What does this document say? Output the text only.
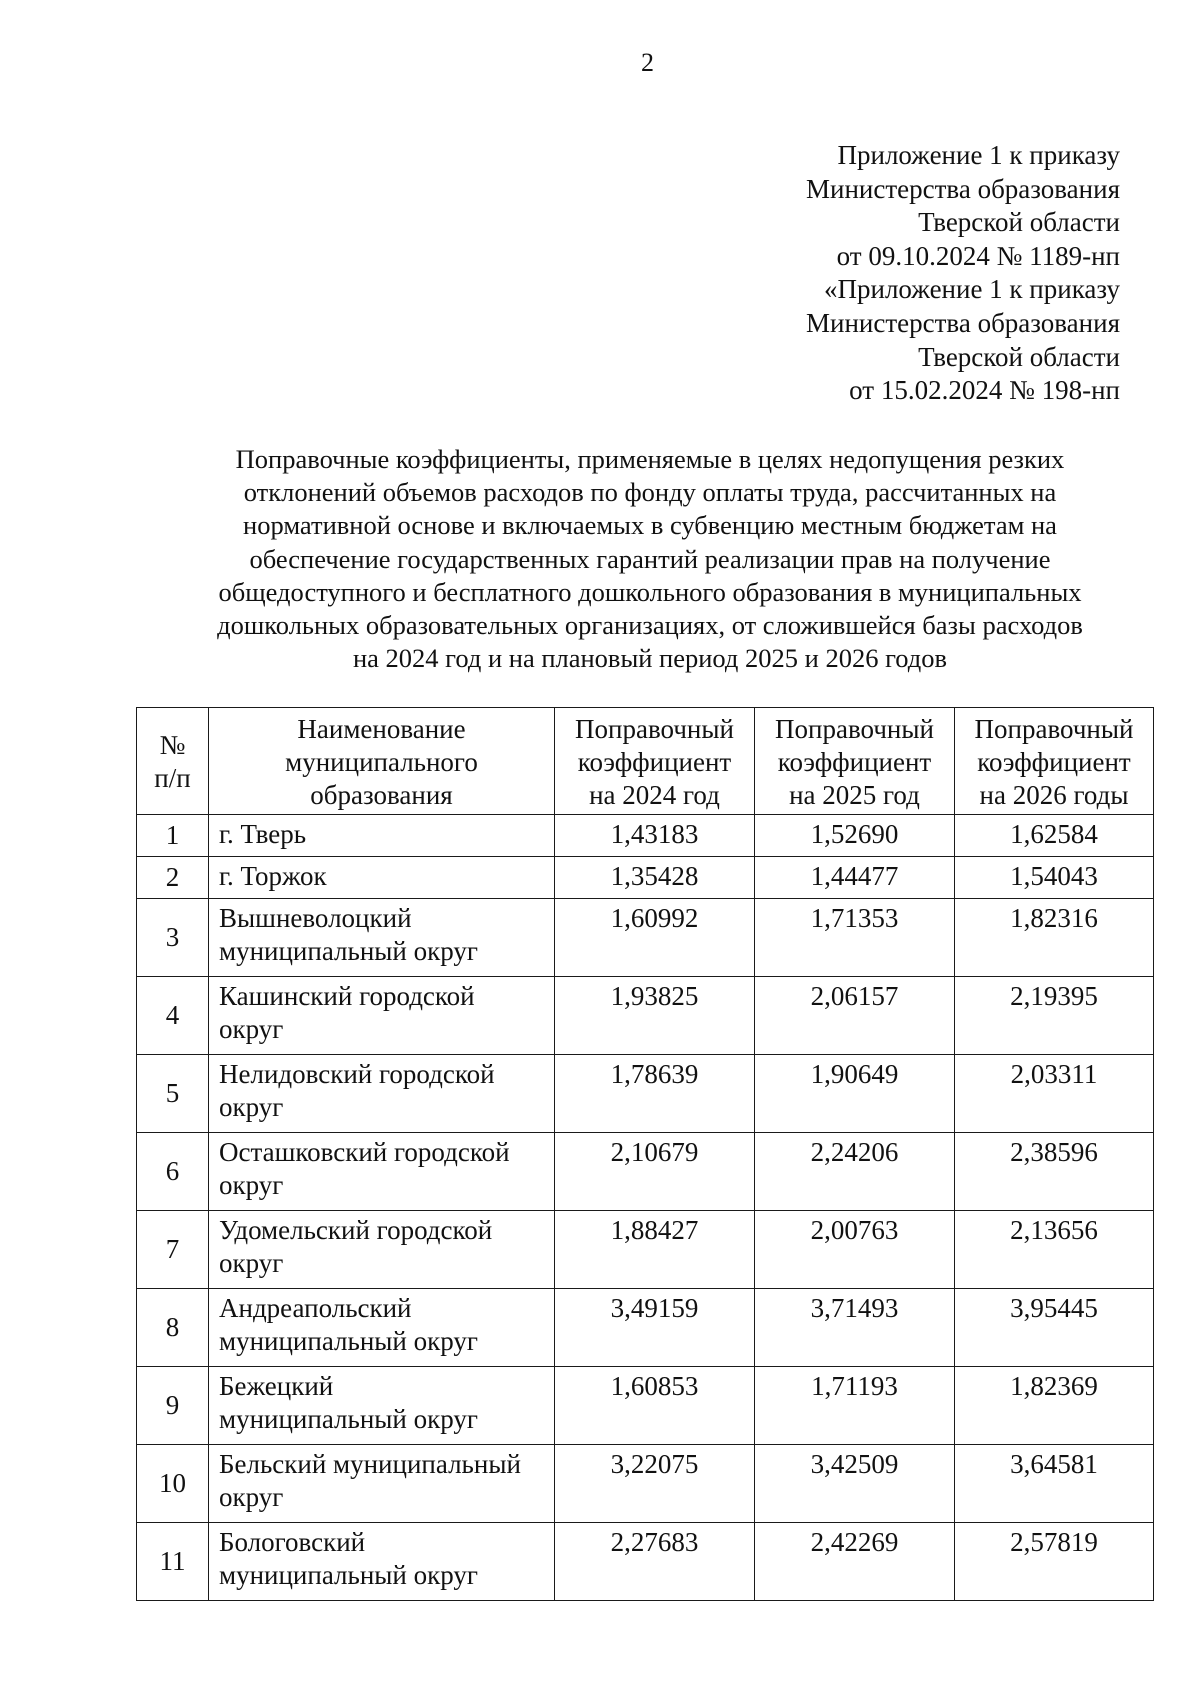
2
Приложение 1 к приказу
Министерства образования
Тверской области
от 09.10.2024 № 1189-нп
«Приложение 1 к приказу
Министерства образования
Тверской области
от 15.02.2024 № 198-нп
Поправочные коэффициенты, применяемые в целях недопущения резких
отклонений объемов расходов по фонду оплаты труда, рассчитанных на
нормативной основе и включаемых в субвенцию местным бюджетам на
обеспечение государственных гарантий реализации прав на получение
общедоступного и бесплатного дошкольного образования в муниципальных
дошкольных образовательных организациях, от сложившейся базы расходов
на 2024 год и на плановый период 2025 и 2026 годов
№
п/п	Наименование
муниципального
образования	Поправочный
коэффициент
на 2024 год	Поправочный
коэффициент
на 2025 год	Поправочный
коэффициент
на 2026 годы

1	г. Тверь	1,43183	1,52690	1,62584
2	г. Торжок	1,35428	1,44477	1,54043
3	Вышневолоцкий
муниципальный округ	1,60992	1,71353	1,82316
4	Кашинский городской
округ	1,93825	2,06157	2,19395
5	Нелидовский городской
округ	1,78639	1,90649	2,03311
6	Осташковский городской
округ	2,10679	2,24206	2,38596
7	Удомельский городской
округ	1,88427	2,00763	2,13656
8	Андреапольский
муниципальный округ	3,49159	3,71493	3,95445
9	Бежецкий
муниципальный округ	1,60853	1,71193	1,82369
10	Бельский муниципальный
округ	3,22075	3,42509	3,64581
11	Бологовский
муниципальный округ	2,27683	2,42269	2,57819
